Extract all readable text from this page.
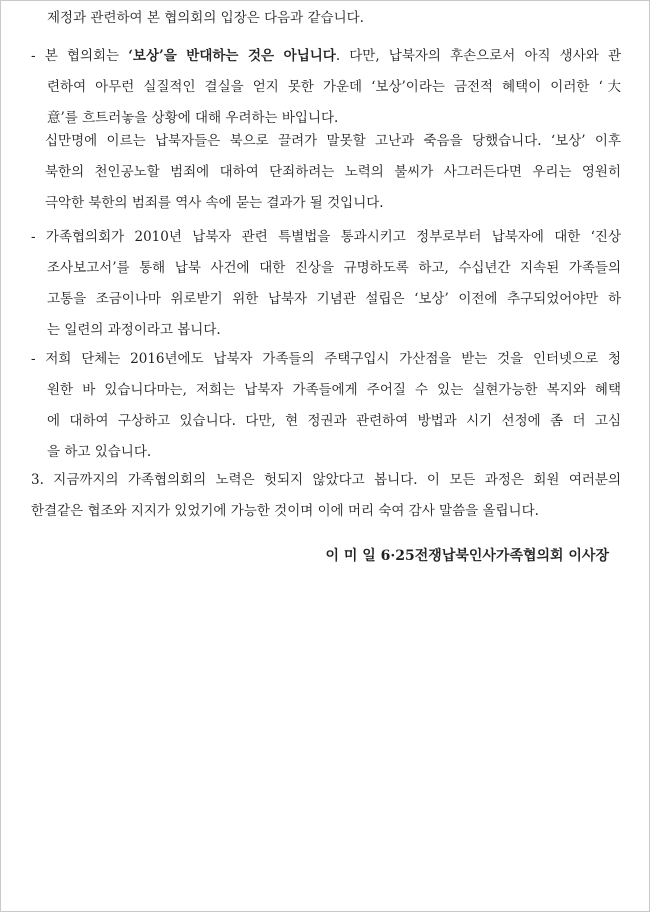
제정과 관련하여 본 협의회의 입장은 다음과 같습니다.
- 본 협의회는 ‘보상’을 반대하는 것은 아닙니다. 다만, 납북자의 후손으로서 아직 생사와 관
련하여 아무런 실질적인 결실을 얻지 못한 가운데 ‘보상’이라는 금전적 혜택이 이러한 ‘大
意’를 흐트러놓을 상황에 대해 우려하는 바입니다.
십만명에 이르는 납북자들은 북으로 끌려가 말못할 고난과 죽음을 당했습니다. ‘보상’ 이후
북한의 천인공노할 범죄에 대하여 단죄하려는 노력의 불씨가 사그러든다면 우리는 영원히
극악한 북한의 범죄를 역사 속에 묻는 결과가 될 것입니다.
- 가족협의회가 2010년 납북자 관련 특별법을 통과시키고 정부로부터 납북자에 대한 ‘진상
조사보고서’를 통해 납북 사건에 대한 진상을 규명하도록 하고, 수십년간 지속된 가족들의
고통을 조금이나마 위로받기 위한 납북자 기념관 설립은 ‘보상’ 이전에 추구되었어야만 하
는 일련의 과정이라고 봅니다.
- 저희 단체는 2016년에도 납북자 가족들의 주택구입시 가산점을 받는 것을 인터넷으로 청
원한 바 있습니다마는, 저희는 납북자 가족들에게 주어질 수 있는 실현가능한 복지와 혜택
에 대하여 구상하고 있습니다. 다만, 현 정권과 관련하여 방법과 시기 선정에 좀 더 고심
을 하고 있습니다.
3. 지금까지의 가족협의회의 노력은 헛되지 않았다고 봅니다. 이 모든 과정은 회원 여러분의
한결같은 협조와 지지가 있었기에 가능한 것이며 이에 머리 숙여 감사 말씀을 올립니다.
이 미 일 6·25전쟁납북인사가족협의회 이사장
